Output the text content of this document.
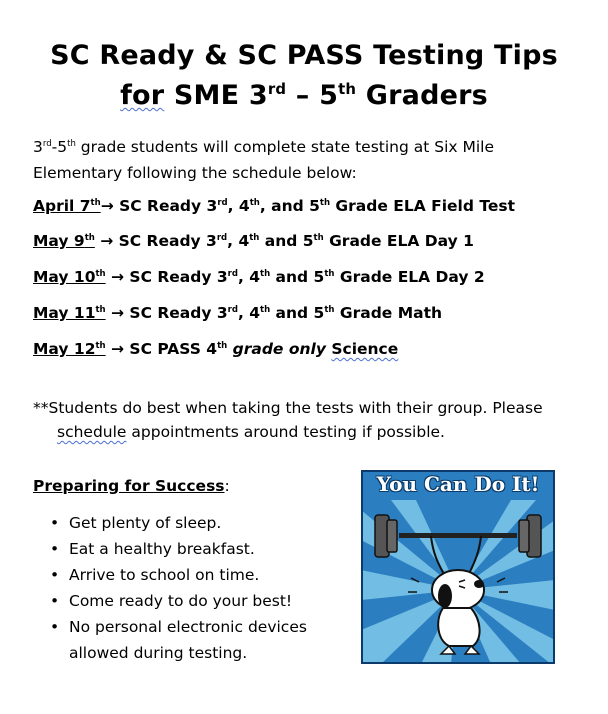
SC Ready & SC PASS Testing Tips
for SME 3rd – 5th Graders
3rd-5th grade students will complete state testing at Six Mile Elementary following the schedule below:
April 7th→ SC Ready 3rd, 4th, and 5th Grade ELA Field Test
May 9th → SC Ready 3rd, 4th and 5th Grade ELA Day 1
May 10th → SC Ready 3rd, 4th and 5th Grade ELA Day 2
May 11th → SC Ready 3rd, 4th and 5th Grade Math
May 12th → SC PASS 4th grade only Science
**Students do best when taking the tests with their group. Please
schedule appointments around testing if possible.
Preparing for Success:
• Get plenty of sleep.
• Eat a healthy breakfast.
• Arrive to school on time.
• Come ready to do your best!
• No personal electronic devices allowed during testing.
You Can Do It!
